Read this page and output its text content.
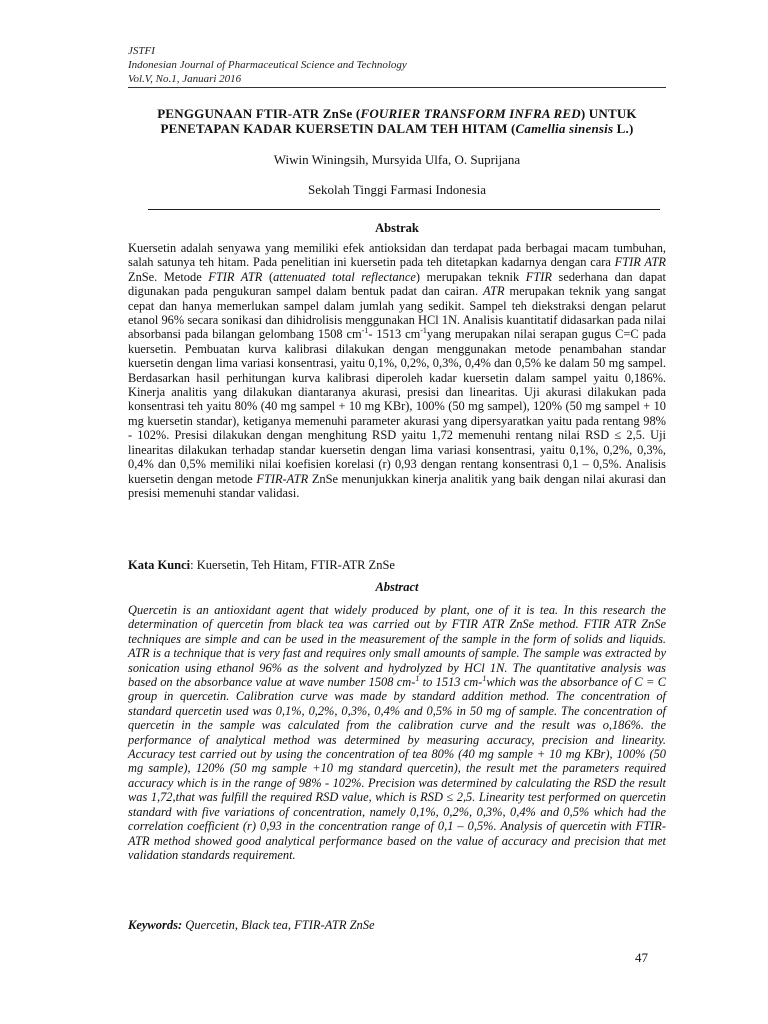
JSTFI
Indonesian Journal of Pharmaceutical Science and Technology
Vol.V, No.1, Januari 2016
PENGGUNAAN FTIR-ATR ZnSe (FOURIER TRANSFORM INFRA RED) UNTUK PENETAPAN KADAR KUERSETIN DALAM TEH HITAM (Camellia sinensis L.)
Wiwin Winingsih, Mursyida Ulfa, O. Suprijana
Sekolah Tinggi Farmasi Indonesia
Abstrak

Kuersetin adalah senyawa yang memiliki efek antioksidan dan terdapat pada berbagai macam tumbuhan, salah satunya teh hitam. Pada penelitian ini kuersetin pada teh ditetapkan kadarnya dengan cara FTIR ATR ZnSe. Metode FTIR ATR (attenuated total reflectance) merupakan teknik FTIR sederhana dan dapat digunakan pada pengukuran sampel dalam bentuk padat dan cairan. ATR merupakan teknik yang sangat cepat dan hanya memerlukan sampel dalam jumlah yang sedikit. Sampel teh diekstraksi dengan pelarut etanol 96% secara sonikasi dan dihidrolisis menggunakan HCl 1N. Analisis kuantitatif didasarkan pada nilai absorbansi pada bilangan gelombang 1508 $cm^{-1}-$ 1513 $cm^{-1}yang$ merupakan nilai serapan gugus C=C pada kuersetin. Pembuatan kurva kalibrasi dilakukan dengan menggunakan metode penambahan standar kuersetin dengan lima variasi konsentrasi, yaitu 0,1%, 0,2%, 0,3%, 0,4% dan 0,5% ke dalam 50 mg sampel. Berdasarkan hasil perhitungan kurva kalibrasi diperoleh kadar kuersetin dalam sampel yaitu 0,186%. Kinerja analitis yang dilakukan diantaranya akurasi, presisi dan linearitas. Uji akurasi dilakukan pada konsentrasi teh yaitu 80% (40 mg sampel + 10 mg KBr), 100% (50 mg sampel), 120% (50 mg sampel + 10 mg kuersetin standar), ketiganya memenuhi parameter akurasi yang dipersyaratkan yaitu pada rentang 98% - 102%. Presisi dilakukan dengan menghitung RSD yaitu 1,72 memenuhi rentang nilai RSD ≤ 2,5. Uji linearitas dilakukan terhadap standar kuersetin dengan lima variasi konsentrasi, yaitu 0,1%, 0,2%, 0,3%, 0,4% dan 0,5% memiliki nilai koefisien korelasi (r) 0,93 dengan rentang konsentrasi 0,1 – 0,5%. Analisis kuersetin dengan metode FTIR-ATR ZnSe menunjukkan kinerja analitik yang baik dengan nilai akurasi dan presisi memenuhi standar validasi.

Kata Kunci: Kuersetin, Teh Hitam, FTIR-ATR ZnSe
Abstract

Quercetin is an antioxidant agent that widely produced by plant, one of it is tea. In this research the determination of quercetin from black tea was carried out by FTIR ATR ZnSe method. FTIR ATR ZnSe techniques are simple and can be used in the measurement of the sample in the form of solids and liquids. ATR is a technique that is very fast and requires only small amounts of sample. The sample was extracted by sonication using ethanol 96% as the solvent and hydrolyzed by HCl 1N. The quantitative analysis was based on the absorbance value at wave number 1508 cm-$^1$ to 1513 cm-$^1$which was the absorbance of C = C group in quercetin. Calibration curve was made by standard addition method. The concentration of standard quercetin used was 0,1%, 0,2%, 0,3%, 0,4% and 0,5% in 50 mg of sample. The concentration of quercetin in the sample was calculated from the calibration curve and the result was o,186%. the performance of analytical method was determined by measuring accuracy, precision and linearity. Accuracy test carried out by using the concentration of tea 80% (40 mg sample + 10 mg KBr), 100% (50 mg sample), 120% (50 mg sample +10 mg standard quercetin), the result met the parameters required accuracy which is in the range of 98% - 102%. Precision was determined by calculating the RSD the result was 1,72,that was fulfill the required RSD value, which is RSD ≤ 2,5. Linearity test performed on quercetin standard with five variations of concentration, namely 0,1%, 0,2%, 0,3%, 0,4% and 0,5% which had the correlation coefficient (r) 0,93 in the concentration range of 0,1 – 0,5%. Analysis of quercetin with FTIR-ATR method showed good analytical performance based on the value of accuracy and precision that met validation standards requirement.

Keywords: Quercetin, Black tea, FTIR-ATR ZnSe
47
